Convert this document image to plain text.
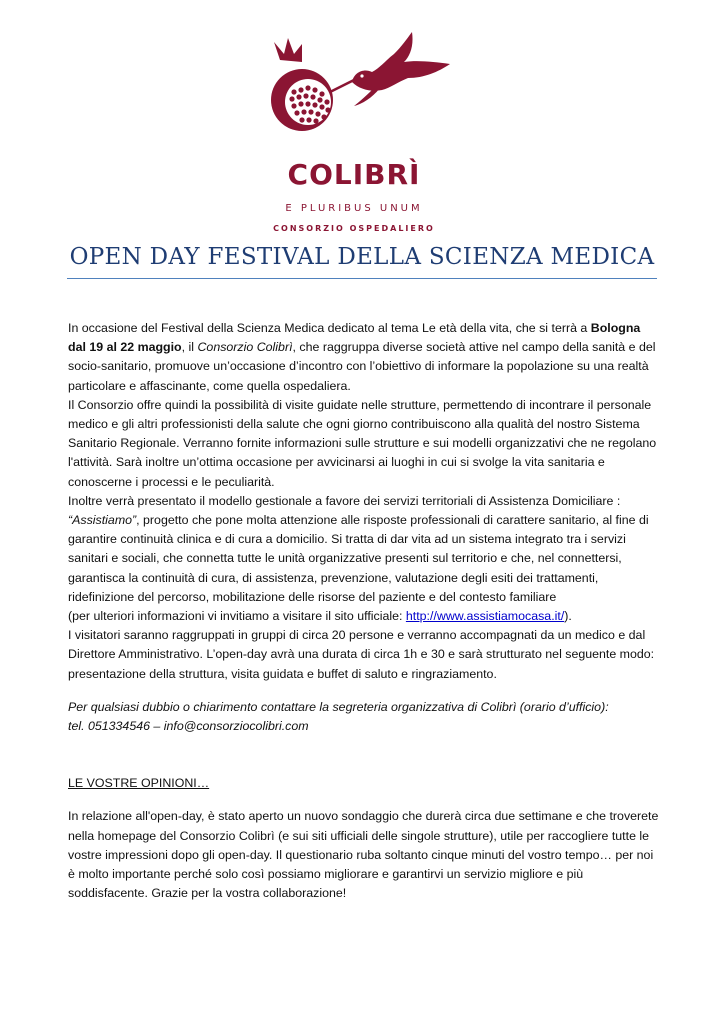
COLIBRÌ
E PLURIBUS UNUM
CONSORZIO OSPEDALIERO
OPEN DAY FESTIVAL DELLA SCIENZA MEDICA

In occasione del Festival della Scienza Medica dedicato al tema Le età della vita, che si terrà a Bologna dal 19 al 22 maggio, il Consorzio Colibrì, che raggruppa diverse società attive nel campo della sanità e del socio-sanitario, promuove un’occasione d’incontro con l’obiettivo di informare la popolazione su una realtà particolare e affascinante, come quella ospedaliera.

Il Consorzio offre quindi la possibilità di visite guidate nelle strutture, permettendo di incontrare il personale medico e gli altri professionisti della salute che ogni giorno contribuiscono alla qualità del nostro Sistema Sanitario Regionale. Verranno fornite informazioni sulle strutture e sui modelli organizzativi che ne regolano l'attività. Sarà inoltre un’ottima occasione per avvicinarsi ai luoghi in cui si svolge la vita sanitaria e conoscerne i processi e le peculiarità.

Inoltre verrà presentato il modello gestionale a favore dei servizi territoriali di Assistenza Domiciliare :
“Assistiamo”, progetto che pone molta attenzione alle risposte professionali di carattere sanitario, al fine di garantire continuità clinica e di cura a domicilio. Si tratta di dar vita ad un sistema integrato tra i servizi sanitari e sociali, che connetta tutte le unità organizzative presenti sul territorio e che, nel connettersi, garantisca la continuità di cura, di assistenza, prevenzione, valutazione degli esiti dei trattamenti, ridefinizione del percorso, mobilitazione delle risorse del paziente e del contesto familiare
(per ulteriori informazioni vi invitiamo a visitare il sito ufficiale: http://www.assistiamocasa.it/).

I visitatori saranno raggruppati in gruppi di circa 20 persone e verranno accompagnati da un medico e dal Direttore Amministrativo. L’open-day avrà una durata di circa 1h e 30 e sarà strutturato nel seguente modo: presentazione della struttura, visita guidata e buffet di saluto e ringraziamento.

Per qualsiasi dubbio o chiarimento contattare la segreteria organizzativa di Colibrì (orario d’ufficio):

tel. 051334546 – info@consorziocolibri.com

LE VOSTRE OPINIONI…

In relazione all'open-day, è stato aperto un nuovo sondaggio che durerà circa due settimane e che troverete nella homepage del Consorzio Colibrì (e sui siti ufficiali delle singole strutture), utile per raccogliere tutte le vostre impressioni dopo gli open-day. Il questionario ruba soltanto cinque minuti del vostro tempo… per noi è molto importante perché solo così possiamo migliorare e garantirvi un servizio migliore e più soddisfacente. Grazie per la vostra collaborazione!
